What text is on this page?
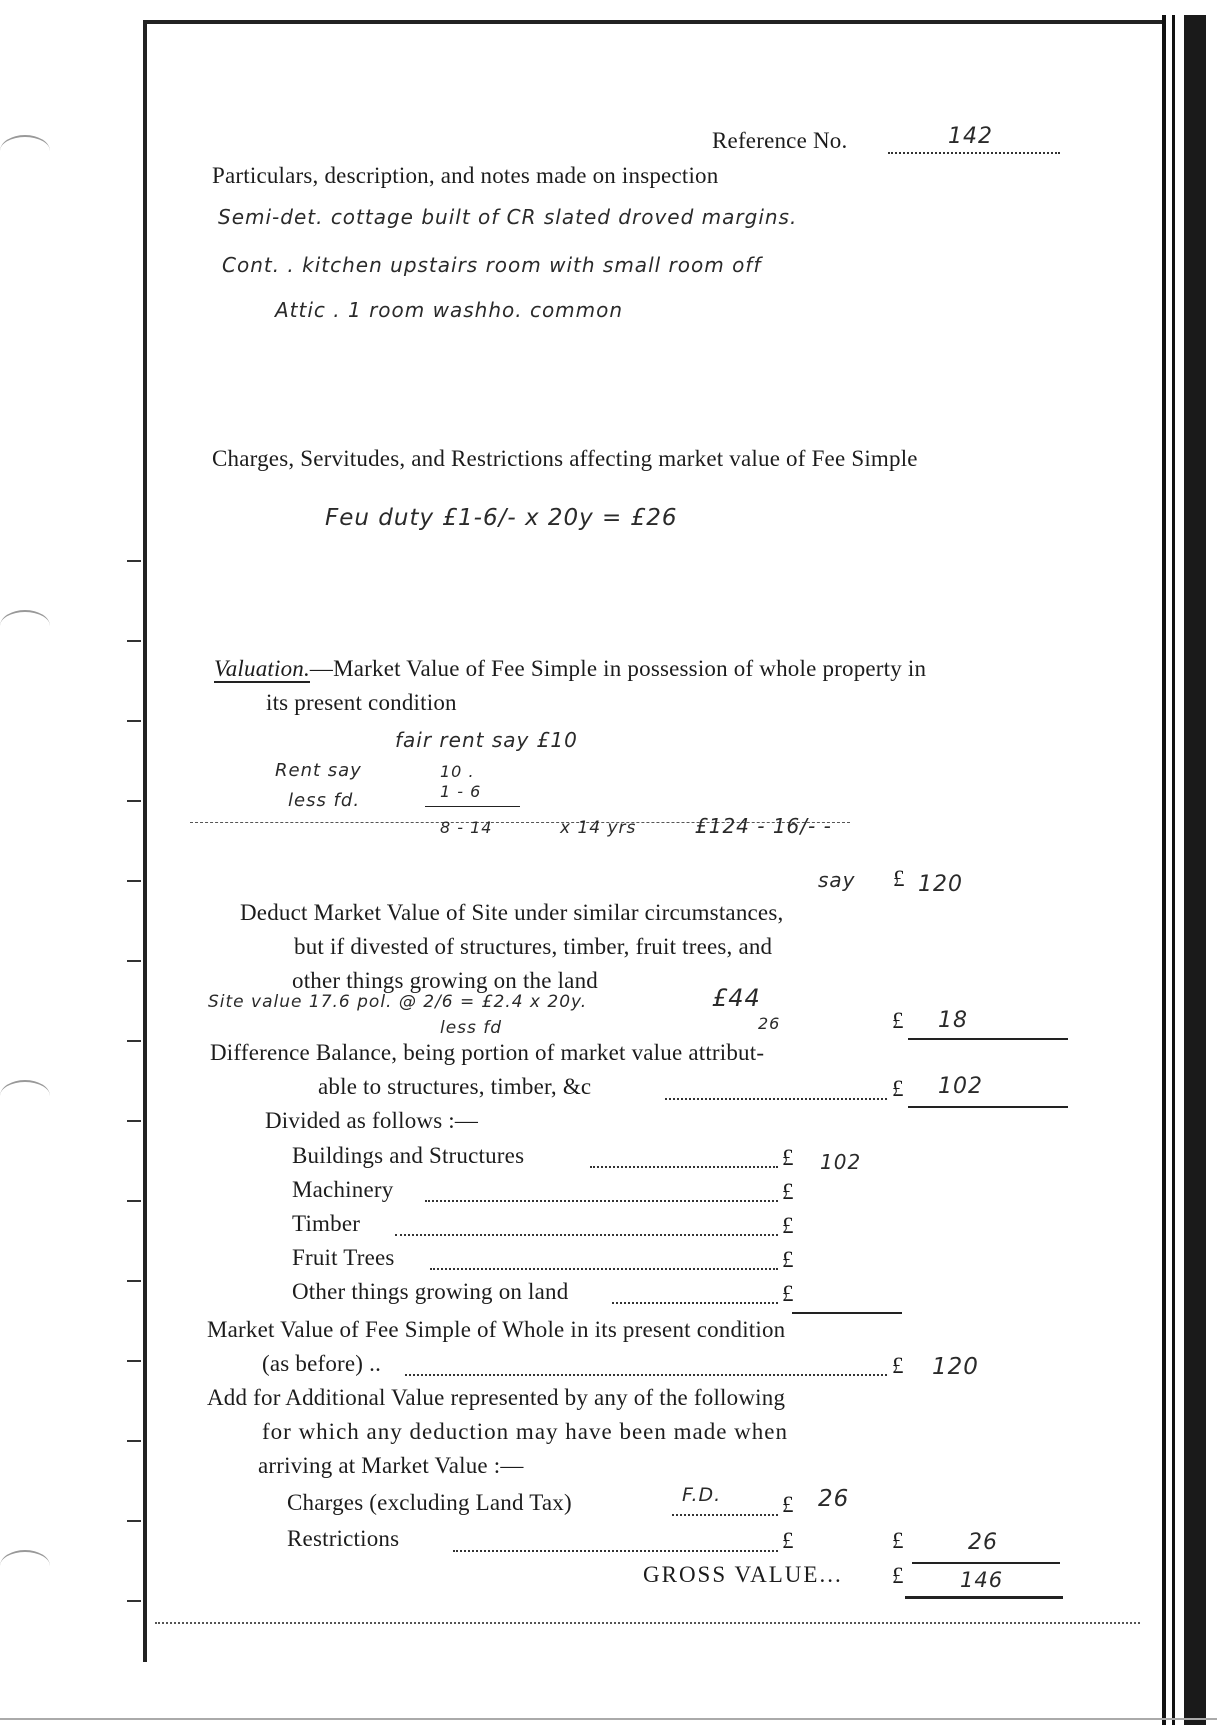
Reference No.	142
Particulars, description, and notes made on inspection
Semi-det. cottage built of CR slated droved margins.
Cont. . kitchen upstairs room with small room off
Attic . 1 room washho. common
Charges, Servitudes, and Restrictions affecting market value of Fee Simple
Feu duty £1-6/- x 20y = £26
Valuation.—Market Value of Fee Simple in possession of whole property in
its present condition
fair rent say £10
Rent say	10 .
less fd.	1 - 6
8 - 14	x 14 yrs	£124 - 16/- -
say £ 120
Deduct Market Value of Site under similar circumstances,
but if divested of structures, timber, fruit trees, and
other things growing on the land
Site value 17.6 pol. @ 2/6 = £2.4 x 20y.	£44
less fd	26	£ 18
Difference Balance, being portion of market value attribut-
able to structures, timber, &c	£ 102
Divided as follows :—
Buildings and Structures	£ 102
Machinery	£
Timber	£
Fruit Trees	£
Other things growing on land	£
Market Value of Fee Simple of Whole in its present condition
(as before) ..	£ 120
Add for Additional Value represented by any of the following
for which any deduction may have been made when
arriving at Market Value :—
Charges (excluding Land Tax)	F.D.	£ 26
Restrictions	£	£	26
GROSS VALUE... £	146
